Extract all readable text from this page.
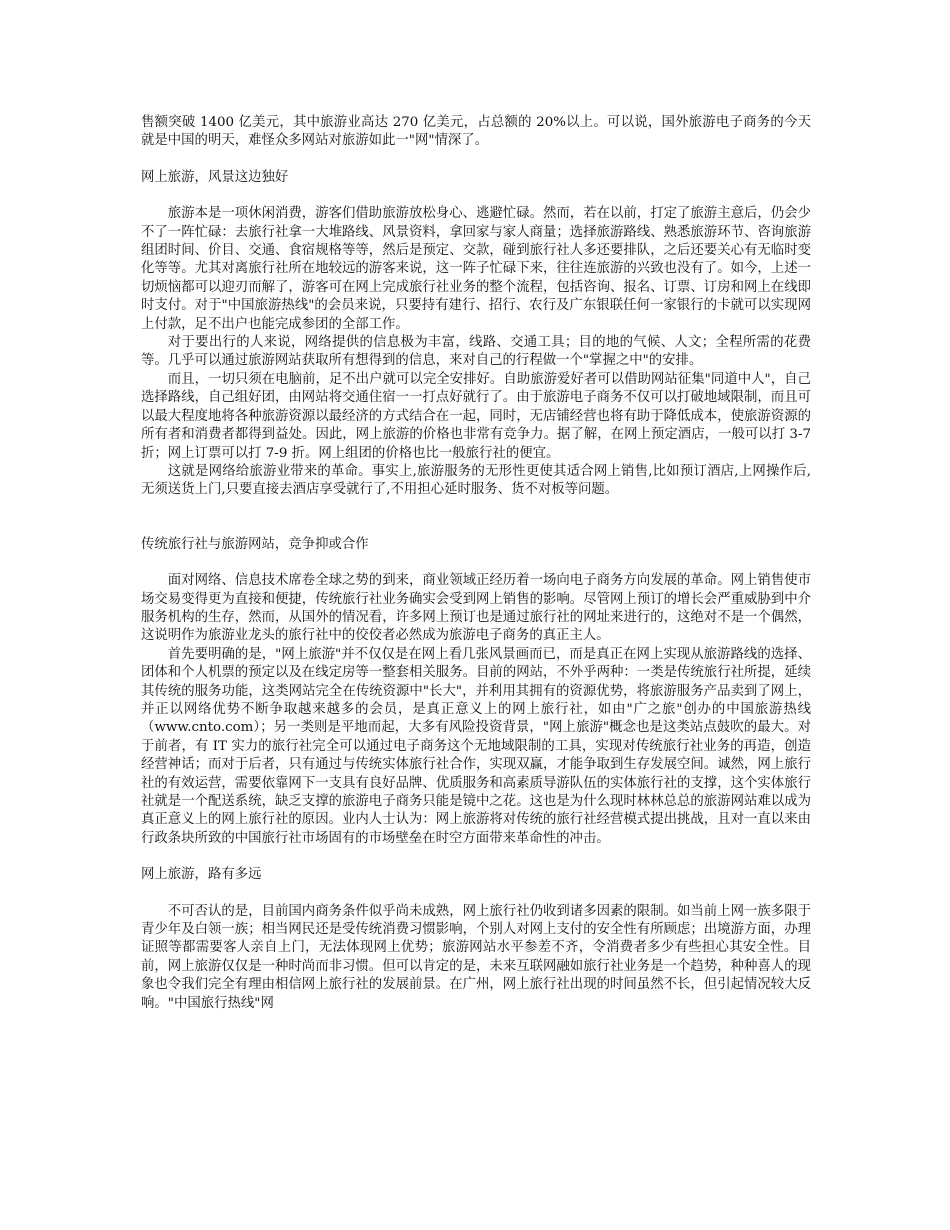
售额突破 1400 亿美元，其中旅游业高达 270 亿美元，占总额的 20%以上。可以说，国外旅游电子商务的今天就是中国的明天，难怪众多网站对旅游如此一"网"情深了。

网上旅游，风景这边独好

旅游本是一项休闲消费，游客们借助旅游放松身心、逃避忙碌。然而，若在以前，打定了旅游主意后，仍会少不了一阵忙碌：去旅行社拿一大堆路线、风景资料，拿回家与家人商量；选择旅游路线、熟悉旅游环节、咨询旅游组团时间、价目、交通、食宿规格等等，然后是预定、交款，碰到旅行社人多还要排队，之后还要关心有无临时变化等等。尤其对离旅行社所在地较远的游客来说，这一阵子忙碌下来，往往连旅游的兴致也没有了。如今，上述一切烦恼都可以迎刃而解了，游客可在网上完成旅行社业务的整个流程，包括咨询、报名、订票、订房和网上在线即时支付。对于"中国旅游热线"的会员来说，只要持有建行、招行、农行及广东银联任何一家银行的卡就可以实现网上付款，足不出户也能完成参团的全部工作。

对于要出行的人来说，网络提供的信息极为丰富，线路、交通工具；目的地的气候、人文；全程所需的花费等。几乎可以通过旅游网站获取所有想得到的信息，来对自己的行程做一个"掌握之中"的安排。

而且，一切只须在电脑前，足不出户就可以完全安排好。自助旅游爱好者可以借助网站征集"同道中人"，自己选择路线，自己组好团，由网站将交通住宿一一打点好就行了。由于旅游电子商务不仅可以打破地域限制，而且可以最大程度地将各种旅游资源以最经济的方式结合在一起，同时，无店铺经营也将有助于降低成本，使旅游资源的所有者和消费者都得到益处。因此，网上旅游的价格也非常有竞争力。据了解，在网上预定酒店，一般可以打 3-7 折；网上订票可以打 7-9 折。网上组团的价格也比一般旅行社的便宜。

这就是网络给旅游业带来的革命。事实上,旅游服务的无形性更使其适合网上销售,比如预订酒店,上网操作后,无须送货上门,只要直接去酒店享受就行了,不用担心延时服务、货不对板等问题。

传统旅行社与旅游网站，竞争抑或合作

面对网络、信息技术席卷全球之势的到来，商业领域正经历着一场向电子商务方向发展的革命。网上销售使市场交易变得更为直接和便捷，传统旅行社业务确实会受到网上销售的影响。尽管网上预订的增长会严重威胁到中介服务机构的生存，然而，从国外的情况看，许多网上预订也是通过旅行社的网址来进行的，这绝对不是一个偶然，这说明作为旅游业龙头的旅行社中的佼佼者必然成为旅游电子商务的真正主人。

首先要明确的是，"网上旅游"并不仅仅是在网上看几张风景画而已，而是真正在网上实现从旅游路线的选择、团体和个人机票的预定以及在线定房等一整套相关服务。目前的网站，不外乎两种：一类是传统旅行社所提，延续其传统的服务功能，这类网站完全在传统资源中"长大"，并利用其拥有的资源优势，将旅游服务产品卖到了网上，并正以网络优势不断争取越来越多的会员，是真正意义上的网上旅行社，如由"广之旅"创办的中国旅游热线（www.cnto.com）；另一类则是平地而起，大多有风险投资背景，"网上旅游"概念也是这类站点鼓吹的最大。对于前者，有 IT 实力的旅行社完全可以通过电子商务这个无地域限制的工具，实现对传统旅行社业务的再造，创造经营神话；而对于后者，只有通过与传统实体旅行社合作，实现双赢，才能争取到生存发展空间。诚然，网上旅行社的有效运营，需要依靠网下一支具有良好品牌、优质服务和高素质导游队伍的实体旅行社的支撑，这个实体旅行社就是一个配送系统，缺乏支撑的旅游电子商务只能是镜中之花。这也是为什么现时林林总总的旅游网站难以成为真正意义上的网上旅行社的原因。业内人士认为：网上旅游将对传统的旅行社经营模式提出挑战，且对一直以来由行政条块所致的中国旅行社市场固有的市场壁垒在时空方面带来革命性的冲击。

网上旅游，路有多远

不可否认的是，目前国内商务条件似乎尚未成熟，网上旅行社仍收到诸多因素的限制。如当前上网一族多限于青少年及白领一族；相当网民还是受传统消费习惯影响，个别人对网上支付的安全性有所顾虑；出境游方面，办理证照等都需要客人亲自上门，无法体现网上优势；旅游网站水平参差不齐，令消费者多少有些担心其安全性。目前，网上旅游仅仅是一种时尚而非习惯。但可以肯定的是，未来互联网融如旅行社业务是一个趋势，种种喜人的现象也令我们完全有理由相信网上旅行社的发展前景。在广州，网上旅行社出现的时间虽然不长，但引起情况较大反响。"中国旅行热线"网
